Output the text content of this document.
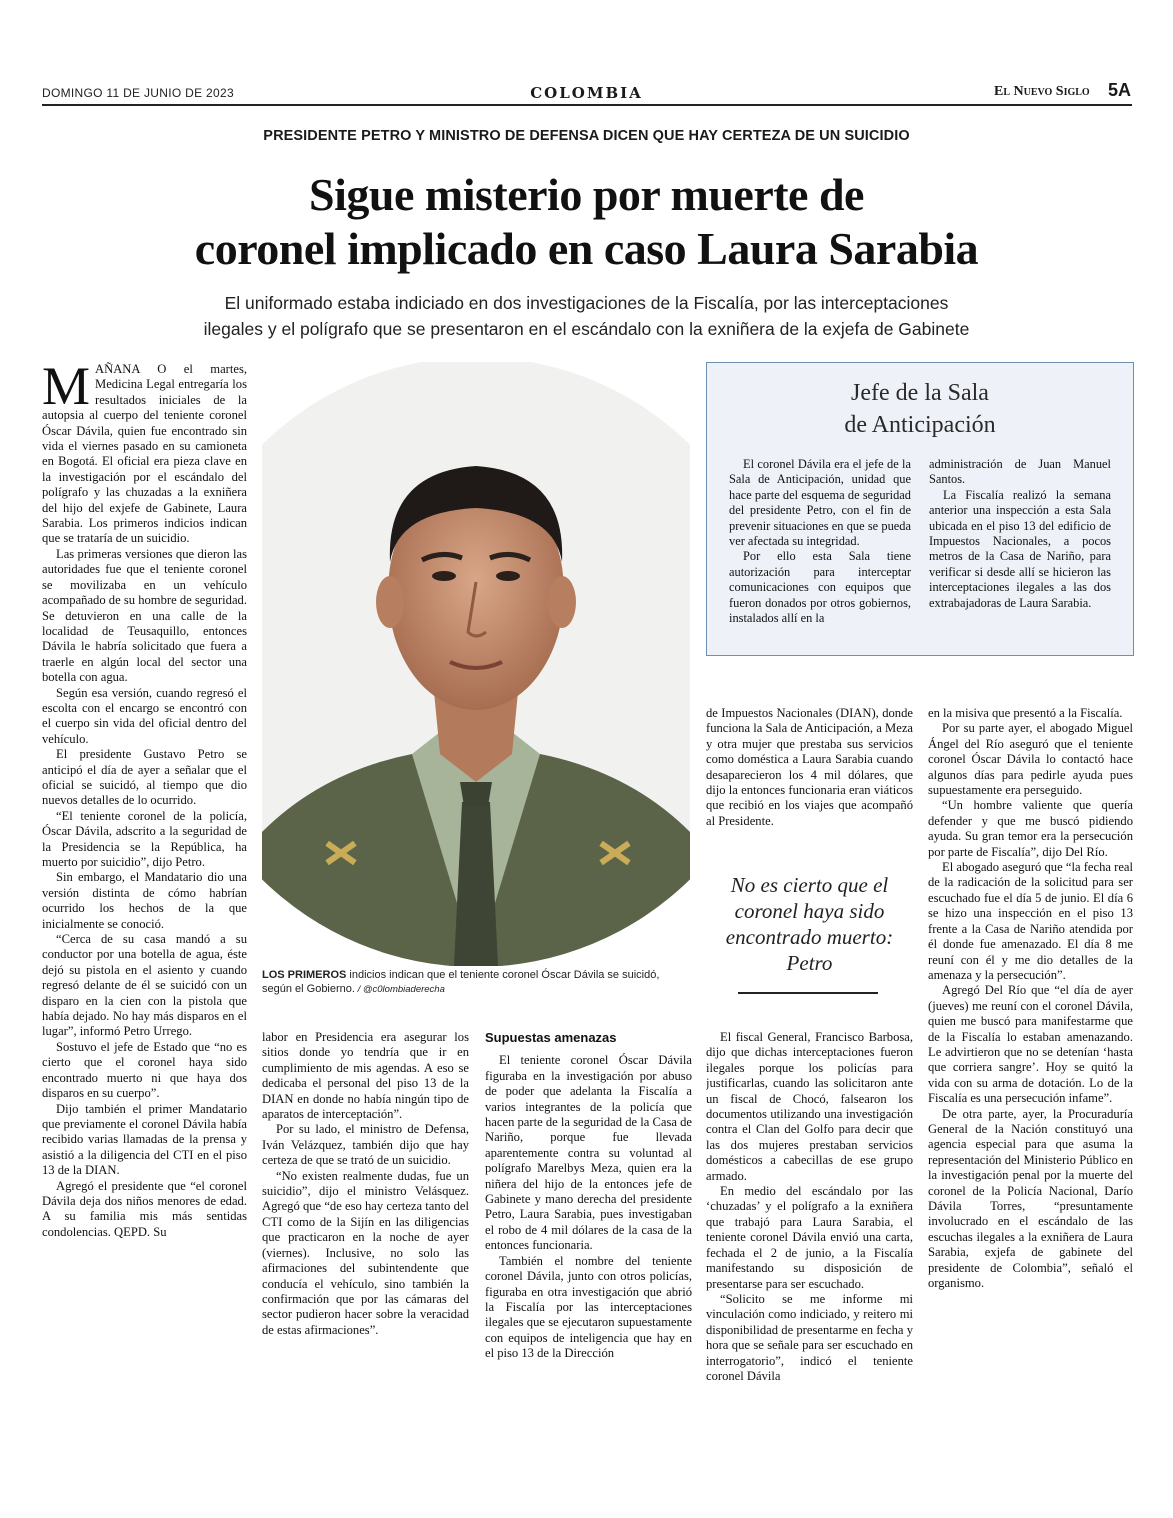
DOMINGO 11 DE JUNIO DE 2023	COLOMBIA	El Nuevo Siglo 5A
PRESIDENTE PETRO Y MINISTRO DE DEFENSA DICEN QUE HAY CERTEZA DE UN SUICIDIO
Sigue misterio por muerte de
coronel implicado en caso Laura Sarabia
El uniformado estaba indiciado en dos investigaciones de la Fiscalía, por las interceptaciones
ilegales y el polígrafo que se presentaron en el escándalo con la exniñera de la exjefa de Gabinete

MAÑANA O el martes, Medicina Legal entregaría los resultados iniciales de la autopsia al cuerpo del teniente coronel Óscar Dávila, quien fue encontrado sin vida el viernes pasado en su camioneta en Bogotá. El oficial era pieza clave en la investigación por el escándalo del polígrafo y las chuzadas a la exniñera del hijo del exjefe de Gabinete, Laura Sarabia. Los primeros indicios indican que se trataría de un suicidio.

Las primeras versiones que dieron las autoridades fue que el teniente coronel se movilizaba en un vehículo acompañado de su hombre de seguridad. Se detuvieron en una calle de la localidad de Teusaquillo, entonces Dávila le habría solicitado que fuera a traerle en algún local del sector una botella con agua.

Según esa versión, cuando regresó el escolta con el encargo se encontró con el cuerpo sin vida del oficial dentro del vehículo.

El presidente Gustavo Petro se anticipó el día de ayer a señalar que el oficial se suicidó, al tiempo que dio nuevos detalles de lo ocurrido.

“El teniente coronel de la policía, Óscar Dávila, adscrito a la seguridad de la Presidencia se la República, ha muerto por suicidio”, dijo Petro.

Sin embargo, el Mandatario dio una versión distinta de cómo habrían ocurrido los hechos de la que inicialmente se conoció.

“Cerca de su casa mandó a su conductor por una botella de agua, éste dejó su pistola en el asiento y cuando regresó delante de él se suicidó con un disparo en la cien con la pistola que había dejado. No hay más disparos en el lugar”, informó Petro Urrego.

Sostuvo el jefe de Estado que “no es cierto que el coronel haya sido encontrado muerto ni que haya dos disparos en su cuerpo”.

Dijo también el primer Mandatario que previamente el coronel Dávila había recibido varias llamadas de la prensa y asistió a la diligencia del CTI en el piso 13 de la DIAN.

Agregó el presidente que “el coronel Dávila deja dos niños menores de edad. A su familia mis más sentidas condolencias. QEPD. Su

LOS PRIMEROS indicios indican que el teniente coronel Óscar Dávila se suicidó, según el Gobierno. / @c0lombiaderecha
Jefe de la Sala
de Anticipación

El coronel Dávila era el jefe de la Sala de Anticipación, unidad que hace parte del esquema de seguridad del presidente Petro, con el fin de prevenir situaciones en que se pueda ver afectada su integridad.

Por ello esta Sala tiene autorización para interceptar comunicaciones con equipos que fueron donados por otros gobiernos, instalados allí en la

administración de Juan Manuel Santos.

La Fiscalía realizó la semana anterior una inspección a esta Sala ubicada en el piso 13 del edificio de Impuestos Nacionales, a pocos metros de la Casa de Nariño, para verificar si desde allí se hicieron las interceptaciones ilegales a las dos extrabajadoras de Laura Sarabia.

de Impuestos Nacionales (DIAN), donde funciona la Sala de Anticipación, a Meza y otra mujer que prestaba sus servicios como doméstica a Laura Sarabia cuando desaparecieron los 4 mil dólares, que dijo la entonces funcionaria eran viáticos que recibió en los viajes que acompañó al Presidente.

No es cierto que el coronel haya sido encontrado muerto: Petro

labor en Presidencia era asegurar los sitios donde yo tendría que ir en cumplimiento de mis agendas. A eso se dedicaba el personal del piso 13 de la DIAN en donde no había ningún tipo de aparatos de interceptación”.

Por su lado, el ministro de Defensa, Iván Velázquez, también dijo que hay certeza de que se trató de un suicidio.

“No existen realmente dudas, fue un suicidio”, dijo el ministro Velásquez. Agregó que “de eso hay certeza tanto del CTI como de la Sijín en las diligencias que practicaron en la noche de ayer (viernes). Inclusive, no solo las afirmaciones del subintendente que conducía el vehículo, sino también la confirmación que por las cámaras del sector pudieron hacer sobre la veracidad de estas afirmaciones”.

Supuestas amenazas

El teniente coronel Óscar Dávila figuraba en la investigación por abuso de poder que adelanta la Fiscalía a varios integrantes de la policía que hacen parte de la seguridad de la Casa de Nariño, porque fue llevada aparentemente contra su voluntad al polígrafo Marelbys Meza, quien era la niñera del hijo de la entonces jefe de Gabinete y mano derecha del presidente Petro, Laura Sarabia, pues investigaban el robo de 4 mil dólares de la casa de la entonces funcionaria.

También el nombre del teniente coronel Dávila, junto con otros policías, figuraba en otra investigación que abrió la Fiscalía por las interceptaciones ilegales que se ejecutaron supuestamente con equipos de inteligencia que hay en el piso 13 de la Dirección

El fiscal General, Francisco Barbosa, dijo que dichas interceptaciones fueron ilegales porque los policías para justificarlas, cuando las solicitaron ante un fiscal de Chocó, falsearon los documentos utilizando una investigación contra el Clan del Golfo para decir que las dos mujeres prestaban servicios domésticos a cabecillas de ese grupo armado.

En medio del escándalo por las ‘chuzadas’ y el polígrafo a la exniñera que trabajó para Laura Sarabia, el teniente coronel Dávila envió una carta, fechada el 2 de junio, a la Fiscalía manifestando su disposición de presentarse para ser escuchado.

“Solicito se me informe mi vinculación como indiciado, y reitero mi disponibilidad de presentarme en fecha y hora que se señale para ser escuchado en interrogatorio”, indicó el teniente coronel Dávila

en la misiva que presentó a la Fiscalía.

Por su parte ayer, el abogado Miguel Ángel del Río aseguró que el teniente coronel Óscar Dávila lo contactó hace algunos días para pedirle ayuda pues supuestamente era perseguido.

“Un hombre valiente que quería defender y que me buscó pidiendo ayuda. Su gran temor era la persecución por parte de Fiscalía”, dijo Del Río.

El abogado aseguró que “la fecha real de la radicación de la solicitud para ser escuchado fue el día 5 de junio. El día 6 se hizo una inspección en el piso 13 frente a la Casa de Nariño atendida por él donde fue amenazado. El día 8 me reuní con él y me dio detalles de la amenaza y la persecución”.

Agregó Del Río que “el día de ayer (jueves) me reuní con el coronel Dávila, quien me buscó para manifestarme que de la Fiscalía lo estaban amenazando. Le advirtieron que no se detenían ‘hasta que corriera sangre’. Hoy se quitó la vida con su arma de dotación. Lo de la Fiscalía es una persecución infame”.

De otra parte, ayer, la Procuraduría General de la Nación constituyó una agencia especial para que asuma la representación del Ministerio Público en la investigación penal por la muerte del coronel de la Policía Nacional, Darío Dávila Torres, “presuntamente involucrado en el escándalo de las escuchas ilegales a la exniñera de Laura Sarabia, exjefa de gabinete del presidente de Colombia”, señaló el organismo.
